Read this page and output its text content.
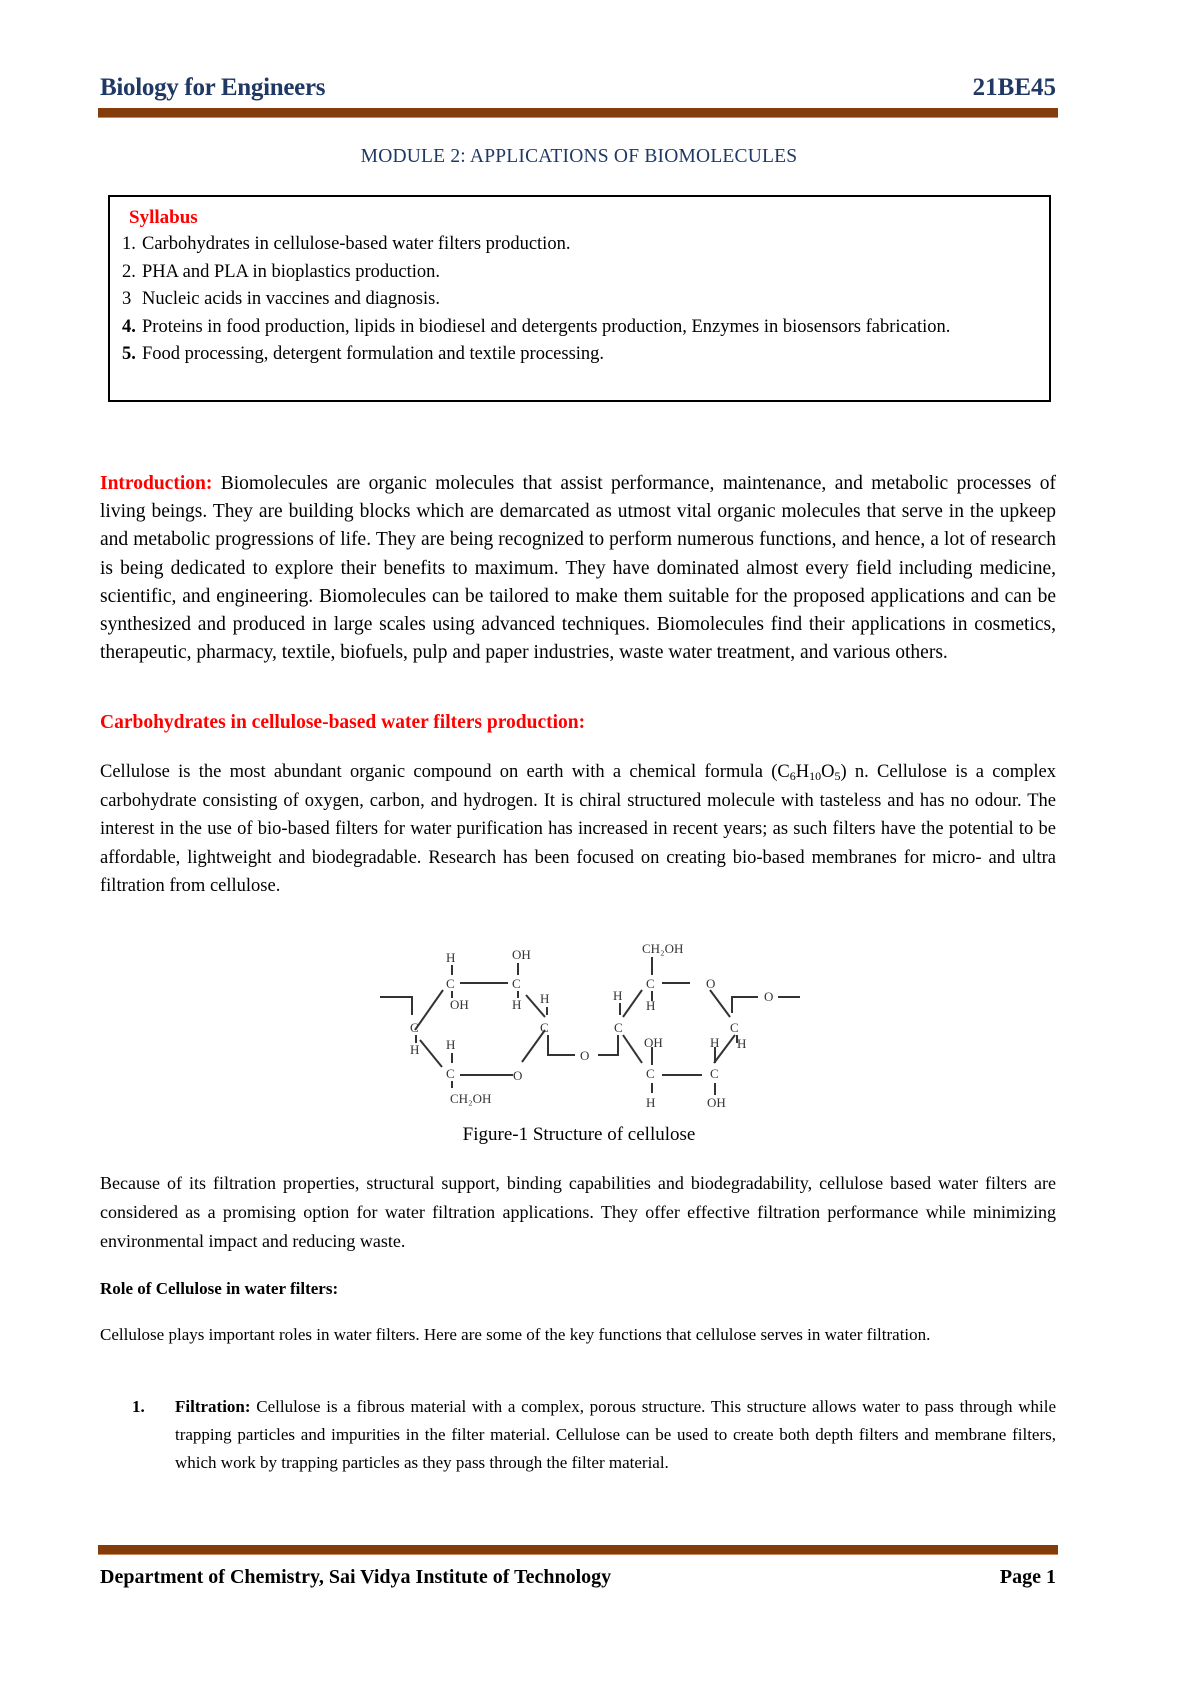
Biology for Engineers	21BE45
MODULE 2: APPLICATIONS OF BIOMOLECULES
Syllabus
1. Carbohydrates in cellulose-based water filters production.
2. PHA and PLA in bioplastics production.
3 Nucleic acids in vaccines and diagnosis.
4. Proteins in food production, lipids in biodiesel and detergents production, Enzymes in biosensors fabrication.
5. Food processing, detergent formulation and textile processing.
Introduction: Biomolecules are organic molecules that assist performance, maintenance, and metabolic processes of living beings. They are building blocks which are demarcated as utmost vital organic molecules that serve in the upkeep and metabolic progressions of life. They are being recognized to perform numerous functions, and hence, a lot of research is being dedicated to explore their benefits to maximum. They have dominated almost every field including medicine, scientific, and engineering. Biomolecules can be tailored to make them suitable for the proposed applications and can be synthesized and produced in large scales using advanced techniques. Biomolecules find their applications in cosmetics, therapeutic, pharmacy, textile, biofuels, pulp and paper industries, waste water treatment, and various others.
Carbohydrates in cellulose-based water filters production:
Cellulose is the most abundant organic compound on earth with a chemical formula $(C_6H_{10}O_5)$ n. Cellulose is a complex carbohydrate consisting of oxygen, carbon, and hydrogen. It is chiral structured molecule with tasteless and has no odour. The interest in the use of bio-based filters for water purification has increased in recent years; as such filters have the potential to be affordable, lightweight and biodegradable. Research has been focused on creating bio-based membranes for micro- and ultra filtration from cellulose.
H	OH
C	C
OH	H H
C	C
H H
C	O
CH₂OH
O
CH₂OH
C	O
H
H
O
C	C
H
OH	H
C	C
H	OH
Figure-1 Structure of cellulose
Because of its filtration properties, structural support, binding capabilities and biodegradability, cellulose based water filters are considered as a promising option for water filtration applications. They offer effective filtration performance while minimizing environmental impact and reducing waste.
Role of Cellulose in water filters:
Cellulose plays important roles in water filters. Here are some of the key functions that cellulose serves in water filtration.
1.	Filtration: Cellulose is a fibrous material with a complex, porous structure. This structure allows water to pass through while trapping particles and impurities in the filter material. Cellulose can be used to create both depth filters and membrane filters, which work by trapping particles as they pass through the filter material.
Department of Chemistry, Sai Vidya Institute of Technology	Page 1
